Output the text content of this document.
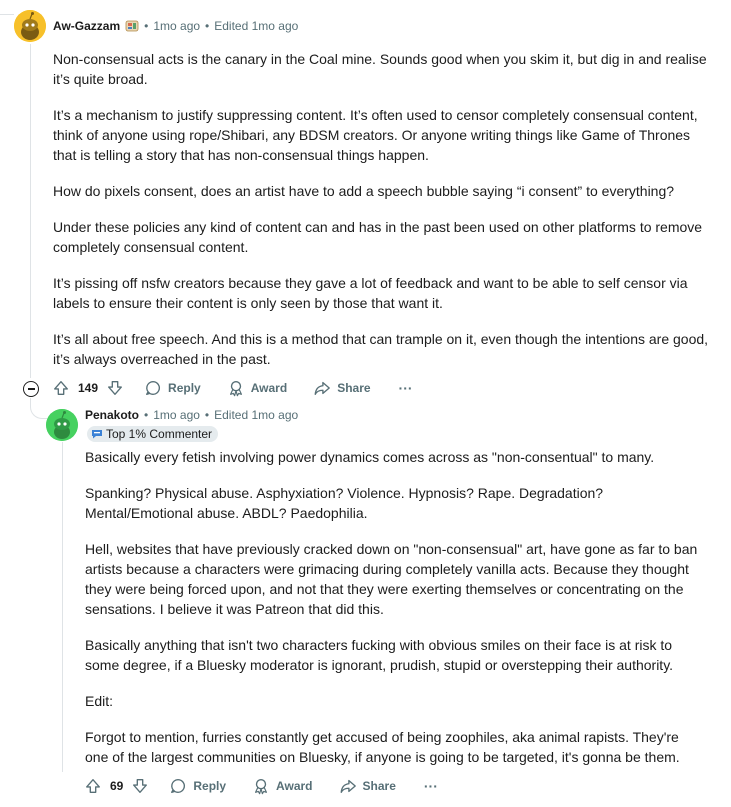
Aw-Gazzam • 1mo ago • Edited 1mo ago

Non-consensual acts is the canary in the Coal mine. Sounds good when you skim it, but dig in and realise it’s quite broad.

It’s a mechanism to justify suppressing content. It’s often used to censor completely consensual content, think of anyone using rope/Shibari, any BDSM creators. Or anyone writing things like Game of Thrones that is telling a story that has non-consensual things happen.

How do pixels consent, does an artist have to add a speech bubble saying “i consent” to everything?

Under these policies any kind of content can and has in the past been used on other platforms to remove completely consensual content.

It’s pissing off nsfw creators because they gave a lot of feedback and want to be able to self censor via labels to ensure their content is only seen by those that want it.

It’s all about free speech. And this is a method that can trample on it, even though the intentions are good, it’s always overreached in the past.

149	Reply	Award	Share ···
Penakoto • 1mo ago • Edited 1mo ago
Top 1% Commenter

Basically every fetish involving power dynamics comes across as "non-consentual" to many.

Spanking? Physical abuse. Asphyxiation? Violence. Hypnosis? Rape. Degradation? Mental/Emotional abuse. ABDL? Paedophilia.

Hell, websites that have previously cracked down on "non-consensual" art, have gone as far to ban artists because a characters were grimacing during completely vanilla acts. Because they thought they were being forced upon, and not that they were exerting themselves or concentrating on the sensations. I believe it was Patreon that did this.

Basically anything that isn't two characters fucking with obvious smiles on their face is at risk to some degree, if a Bluesky moderator is ignorant, prudish, stupid or overstepping their authority.

Edit:

Forgot to mention, furries constantly get accused of being zoophiles, aka animal rapists. They're one of the largest communities on Bluesky, if anyone is going to be targeted, it's gonna be them.

69	Reply	Award	Share ···
